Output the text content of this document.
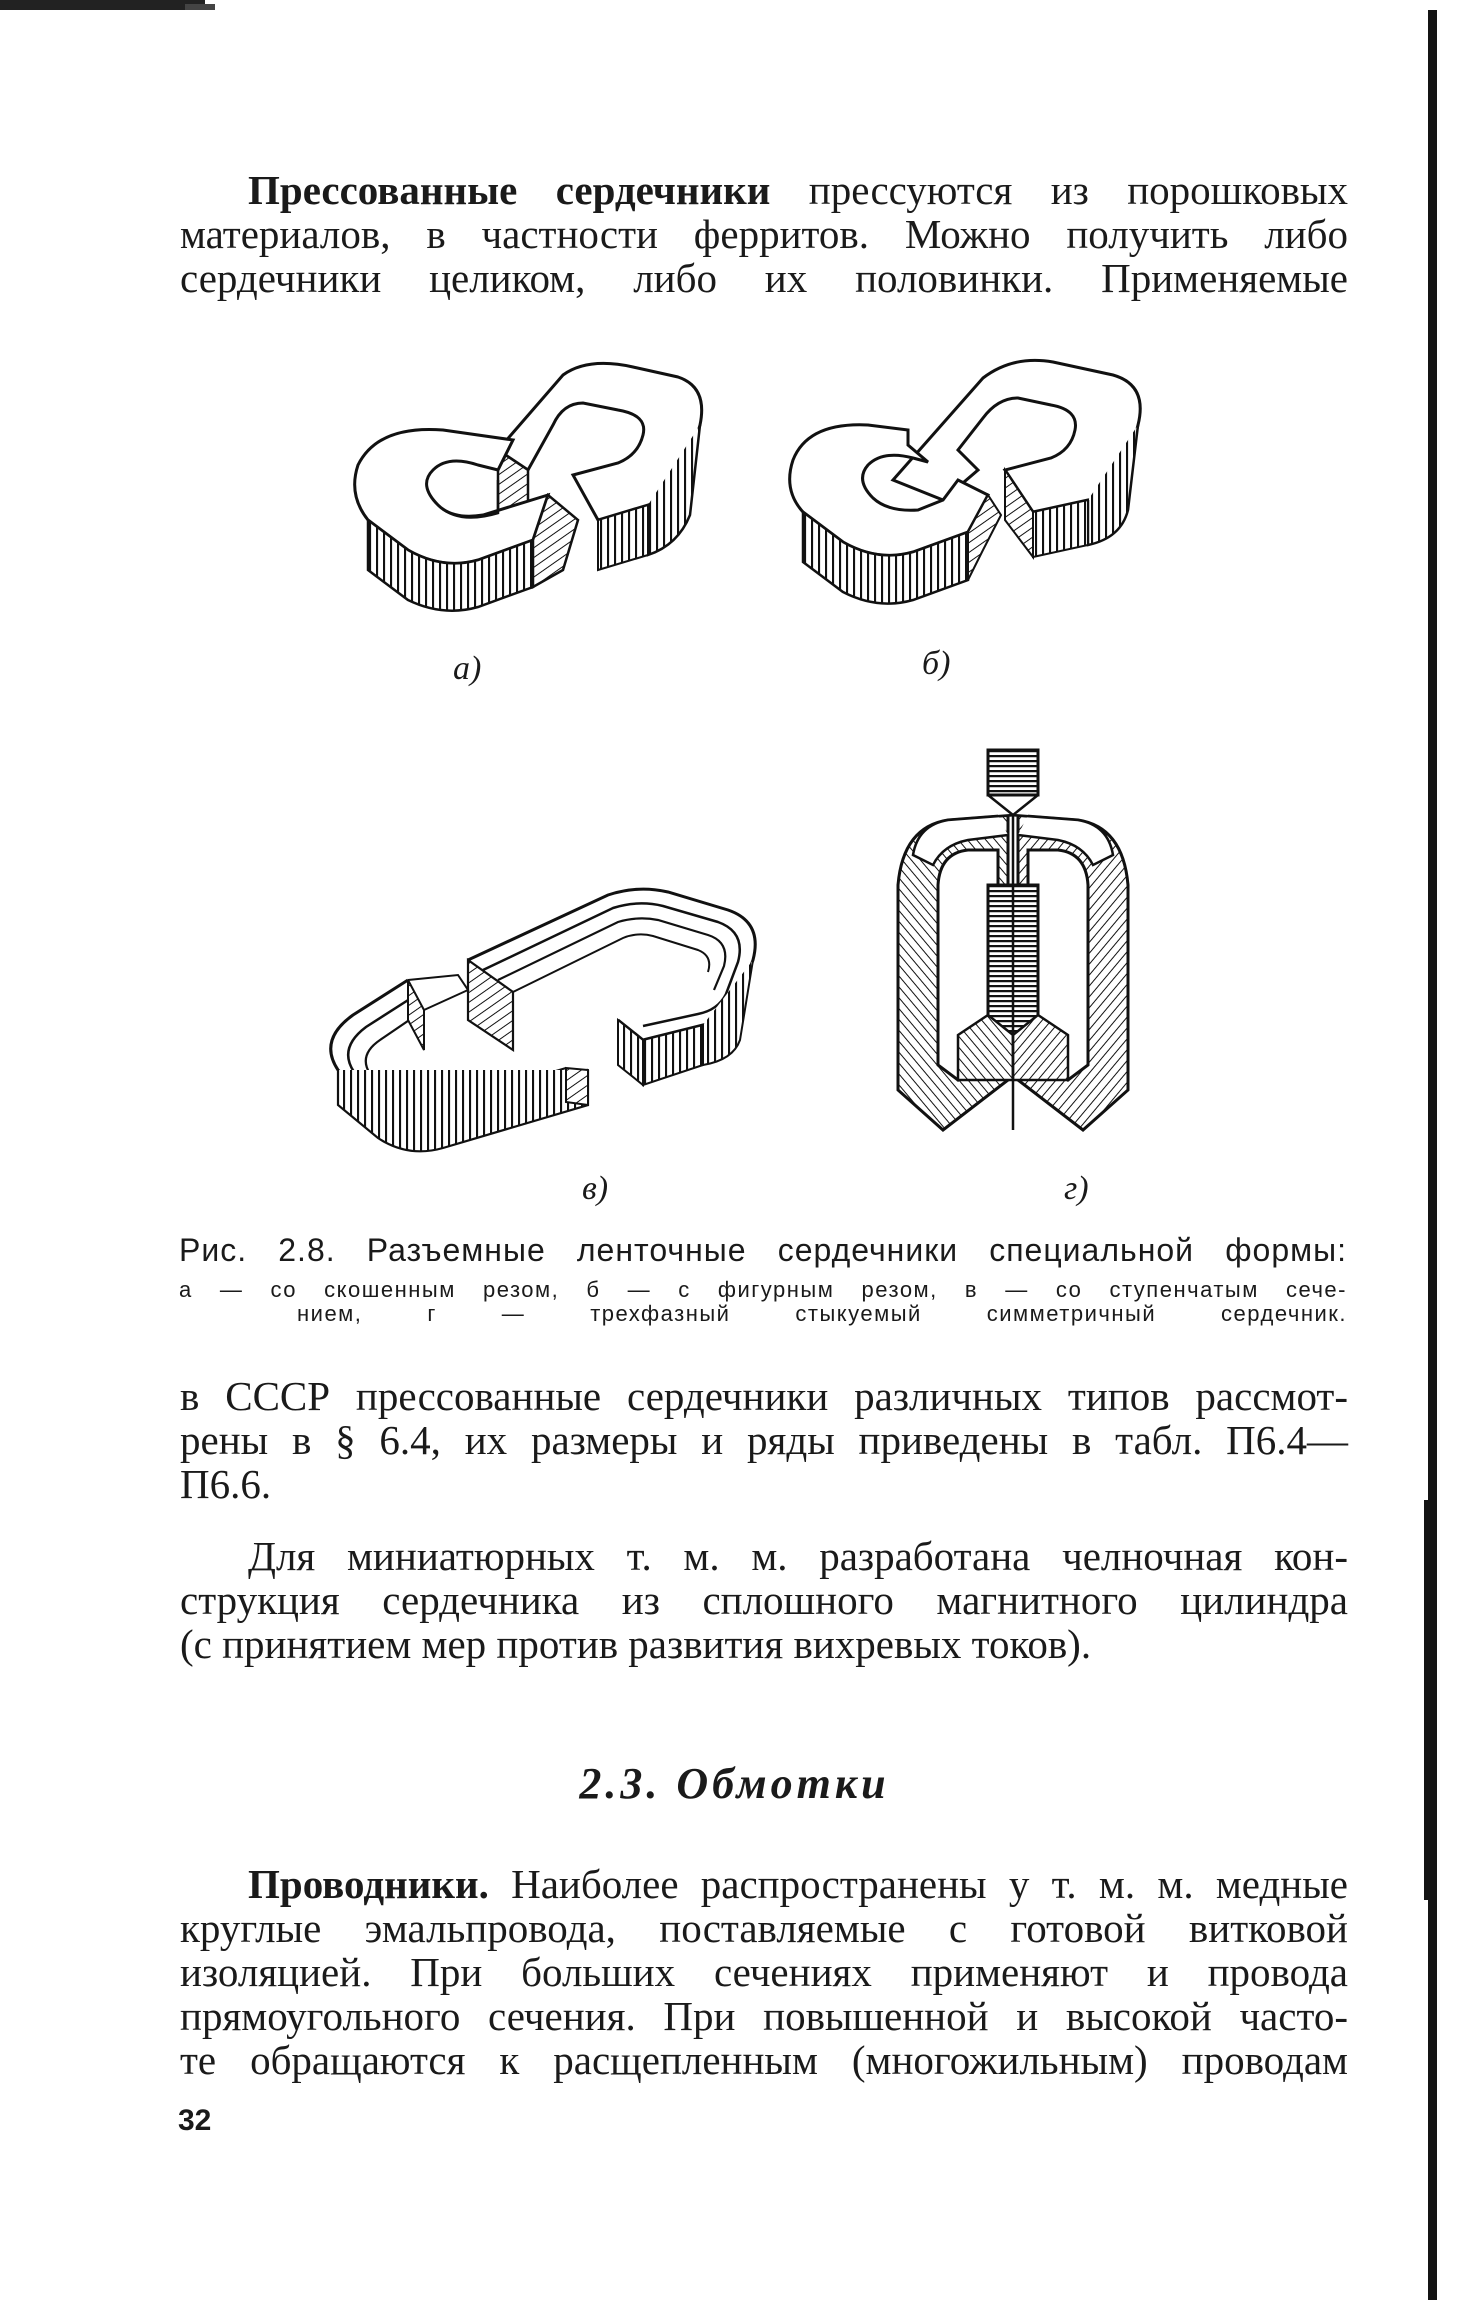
Прессованные сердечники прессуются из порошковых
материалов, в частности ферритов. Можно получить либо
сердечники целиком, либо их половинки. Применяемые
а)	б)
в)	г)
Рис. 2.8. Разъемные ленточные сердечники специальной формы:
а — со скошенным резом, б — с фигурным резом, в — со ступенчатым сече-
нием, г — трехфазный стыкуемый симметричный сердечник.
в СССР прессованные сердечники различных типов рассмот-
рены в § 6.4, их размеры и ряды приведены в табл. П6.4—
П6.6.
Для миниатюрных т. м. м. разработана челночная кон-
струкция сердечника из сплошного магнитного цилиндра
(с принятием мер против развития вихревых токов).
2.3. Обмотки
Проводники. Наиболее распространены у т. м. м. медные
круглые эмальпровода, поставляемые с готовой витковой
изоляцией. При больших сечениях применяют и провода
прямоугольного сечения. При повышенной и высокой часто-
те обращаются к расщепленным (многожильным) проводам
32
